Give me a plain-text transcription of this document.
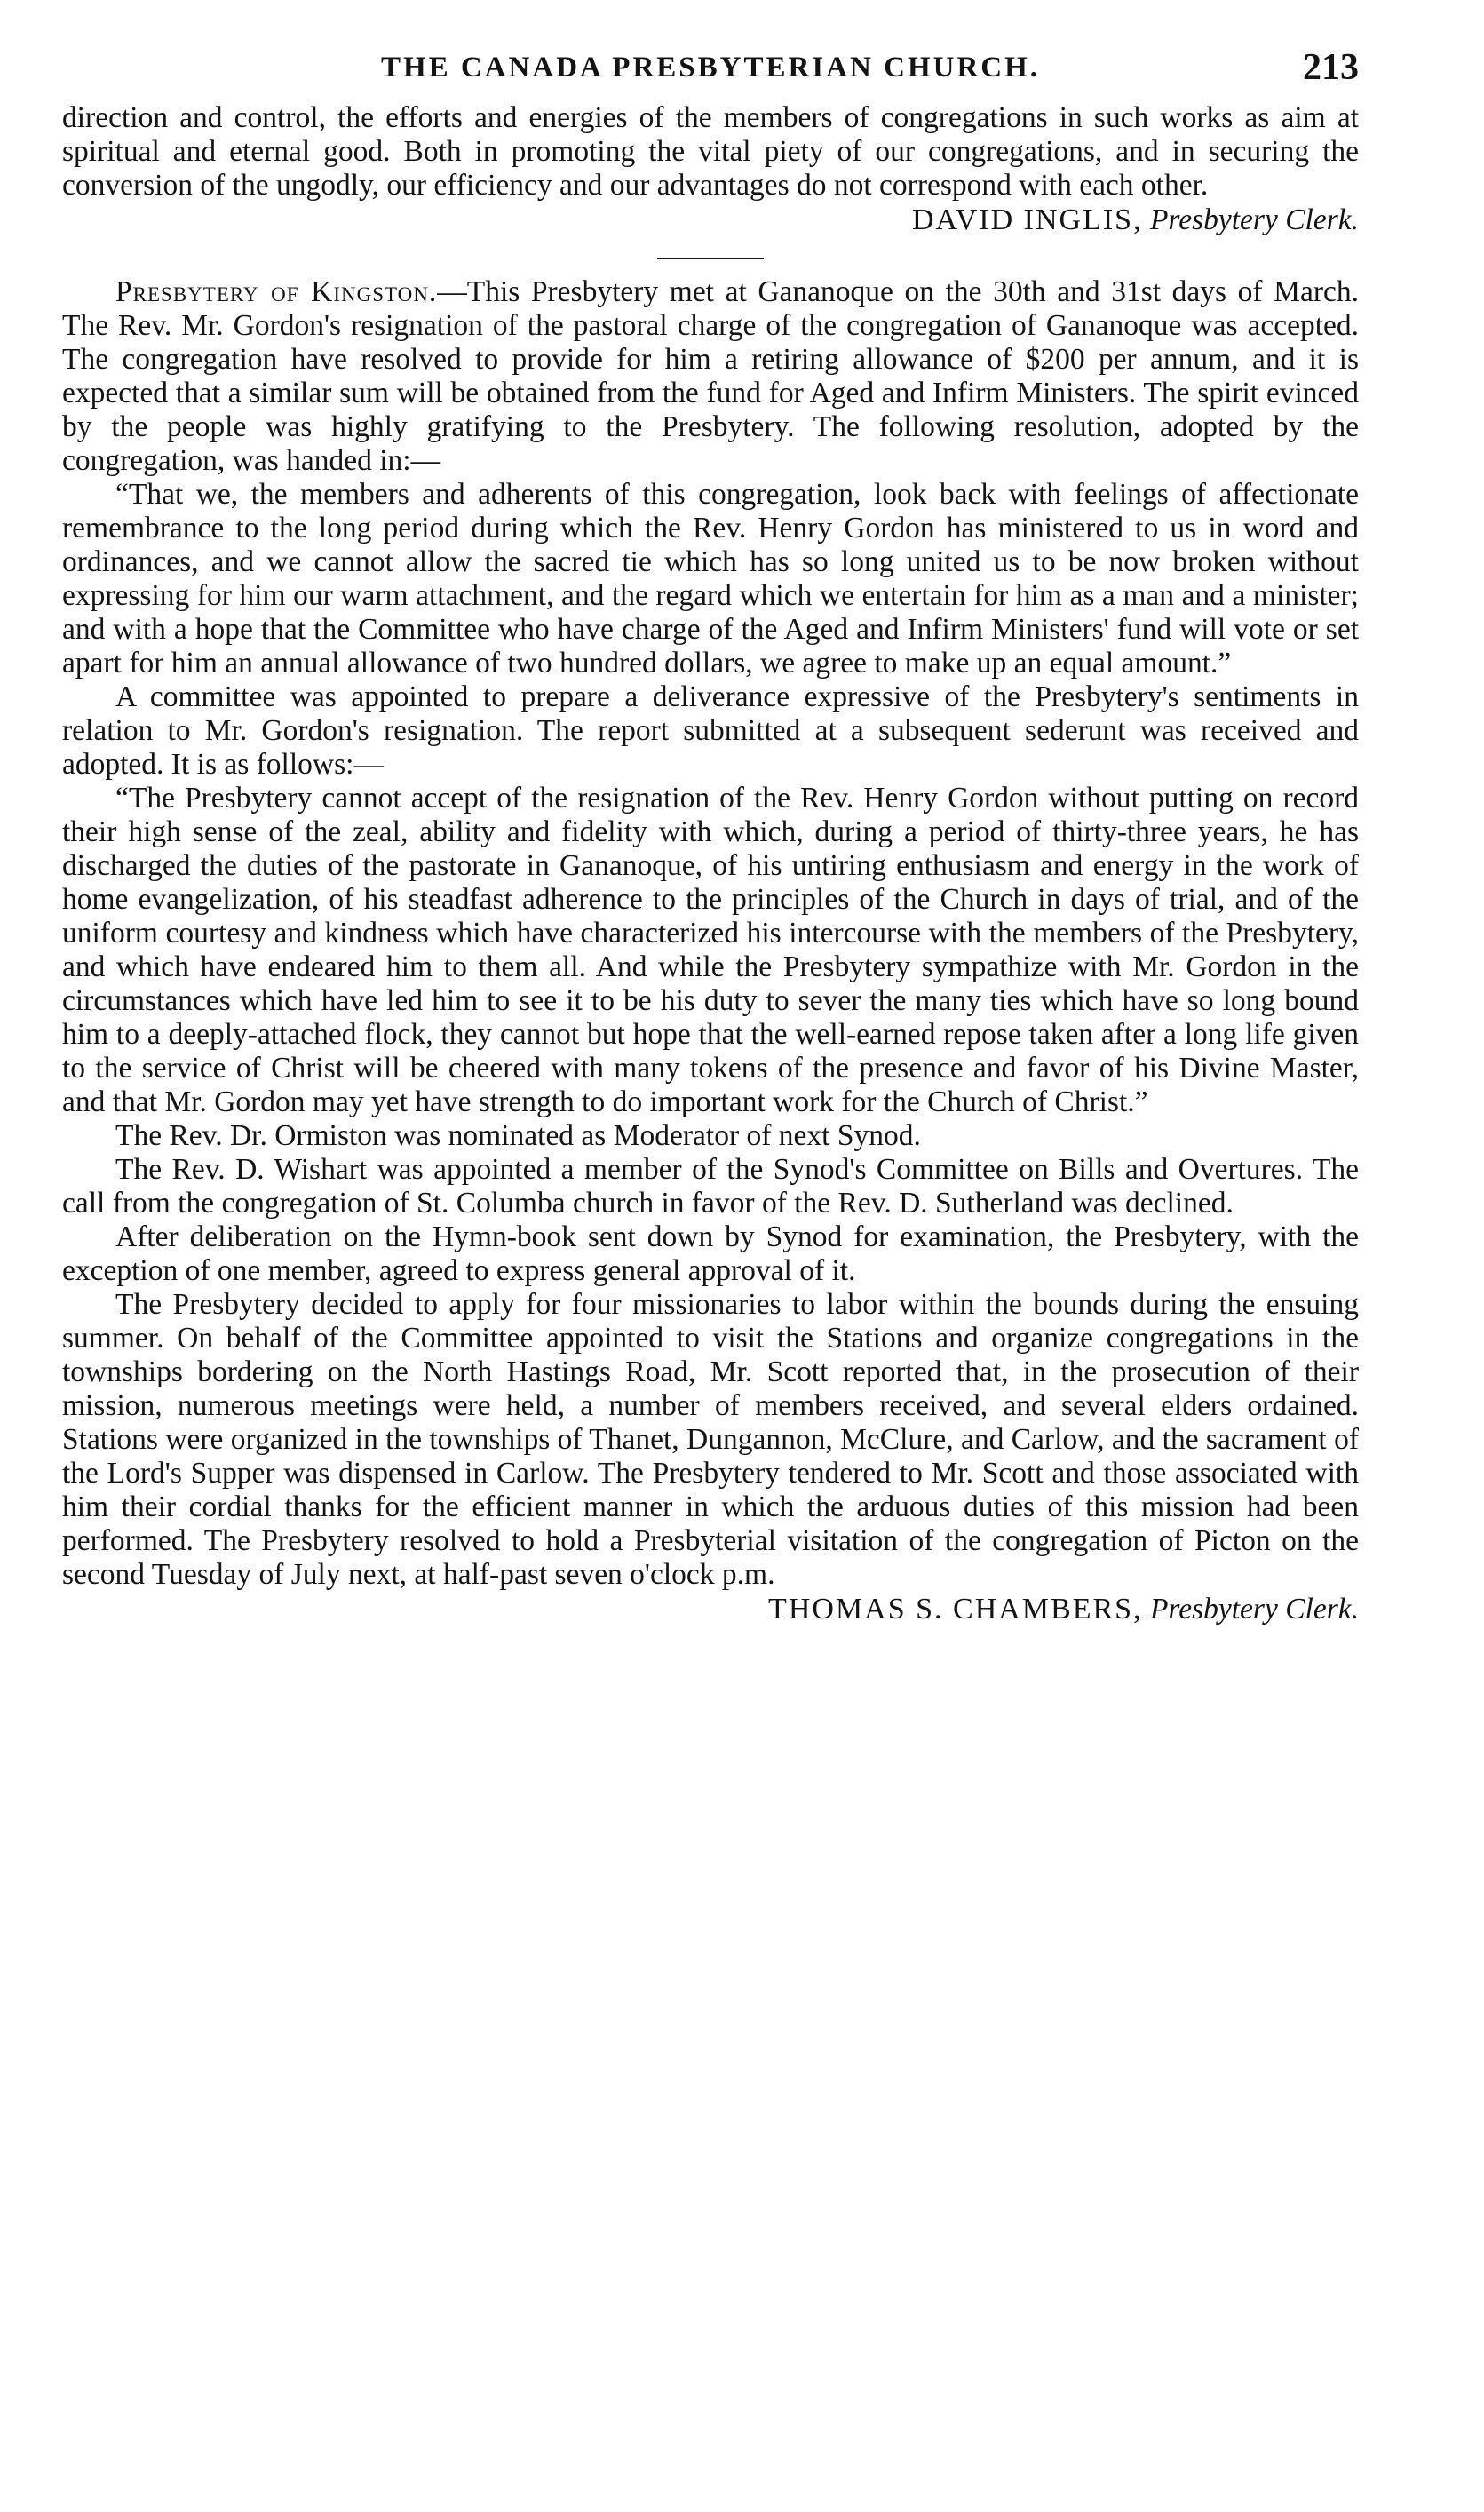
THE CANADA PRESBYTERIAN CHURCH.	213

direction and control, the efforts and energies of the members of congregations in such works as aim at spiritual and eternal good. Both in promoting the vital piety of our congregations, and in securing the conversion of the ungodly, our efficiency and our advantages do not correspond with each other.

DAVID INGLIS, Presbytery Clerk.

Presbytery of Kingston.—This Presbytery met at Gananoque on the 30th and 31st days of March. The Rev. Mr. Gordon's resignation of the pastoral charge of the congregation of Gananoque was accepted. The congregation have resolved to provide for him a retiring allowance of $200 per annum, and it is expected that a similar sum will be obtained from the fund for Aged and Infirm Ministers. The spirit evinced by the people was highly gratifying to the Presbytery. The following resolution, adopted by the congregation, was handed in:—

“That we, the members and adherents of this congregation, look back with feelings of affectionate remembrance to the long period during which the Rev. Henry Gordon has ministered to us in word and ordinances, and we cannot allow the sacred tie which has so long united us to be now broken without expressing for him our warm attachment, and the regard which we entertain for him as a man and a minister; and with a hope that the Committee who have charge of the Aged and Infirm Ministers' fund will vote or set apart for him an annual allowance of two hundred dollars, we agree to make up an equal amount.”

A committee was appointed to prepare a deliverance expressive of the Presbytery's sentiments in relation to Mr. Gordon's resignation. The report submitted at a subsequent sederunt was received and adopted. It is as follows:—

“The Presbytery cannot accept of the resignation of the Rev. Henry Gordon without putting on record their high sense of the zeal, ability and fidelity with which, during a period of thirty-three years, he has discharged the duties of the pastorate in Gananoque, of his untiring enthusiasm and energy in the work of home evangelization, of his steadfast adherence to the principles of the Church in days of trial, and of the uniform courtesy and kindness which have characterized his intercourse with the members of the Presbytery, and which have endeared him to them all. And while the Presbytery sympathize with Mr. Gordon in the circumstances which have led him to see it to be his duty to sever the many ties which have so long bound him to a deeply-attached flock, they cannot but hope that the well-earned repose taken after a long life given to the service of Christ will be cheered with many tokens of the presence and favor of his Divine Master, and that Mr. Gordon may yet have strength to do important work for the Church of Christ.”

The Rev. Dr. Ormiston was nominated as Moderator of next Synod.

The Rev. D. Wishart was appointed a member of the Synod's Committee on Bills and Overtures. The call from the congregation of St. Columba church in favor of the Rev. D. Sutherland was declined.

After deliberation on the Hymn-book sent down by Synod for examination, the Presbytery, with the exception of one member, agreed to express general approval of it.

The Presbytery decided to apply for four missionaries to labor within the bounds during the ensuing summer. On behalf of the Committee appointed to visit the Stations and organize congregations in the townships bordering on the North Hastings Road, Mr. Scott reported that, in the prosecution of their mission, numerous meetings were held, a number of members received, and several elders ordained. Stations were organized in the townships of Thanet, Dungannon, McClure, and Carlow, and the sacrament of the Lord's Supper was dispensed in Carlow. The Presbytery tendered to Mr. Scott and those associated with him their cordial thanks for the efficient manner in which the arduous duties of this mission had been performed. The Presbytery resolved to hold a Presbyterial visitation of the congregation of Picton on the second Tuesday of July next, at half-past seven o'clock p.m.

THOMAS S. CHAMBERS, Presbytery Clerk.
